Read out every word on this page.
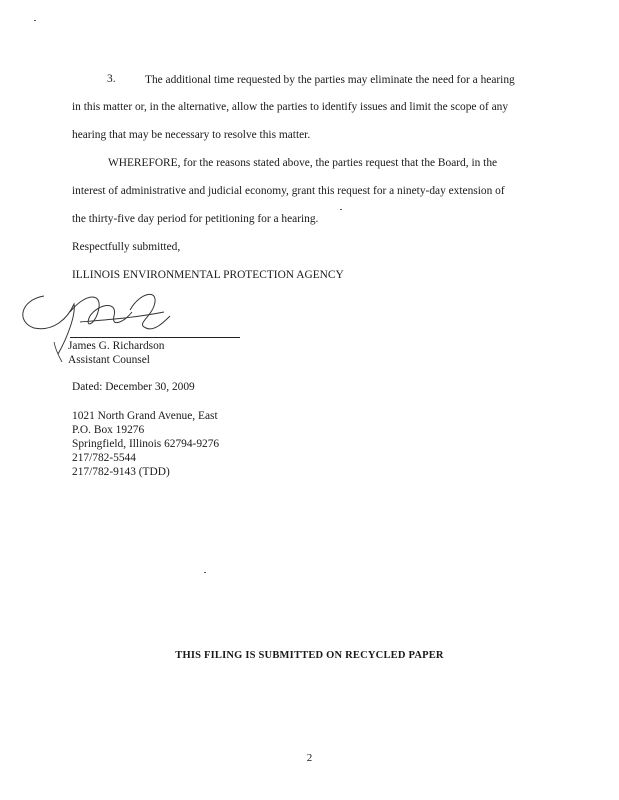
3.	The additional time requested by the parties may eliminate the need for a hearing
in this matter or, in the alternative, allow the parties to identify issues and limit the scope of any
hearing that may be necessary to resolve this matter.
WHEREFORE, for the reasons stated above, the parties request that the Board, in the
interest of administrative and judicial economy, grant this request for a ninety-day extension of
the thirty-five day period for petitioning for a hearing.
Respectfully submitted,
ILLINOIS ENVIRONMENTAL PROTECTION AGENCY
James G. Richardson
Assistant Counsel
Dated: December 30, 2009
1021 North Grand Avenue, East
P.O. Box 19276
Springfield, Illinois 62794-9276
217/782-5544
217/782-9143 (TDD)
THIS FILING IS SUBMITTED ON RECYCLED PAPER
2
